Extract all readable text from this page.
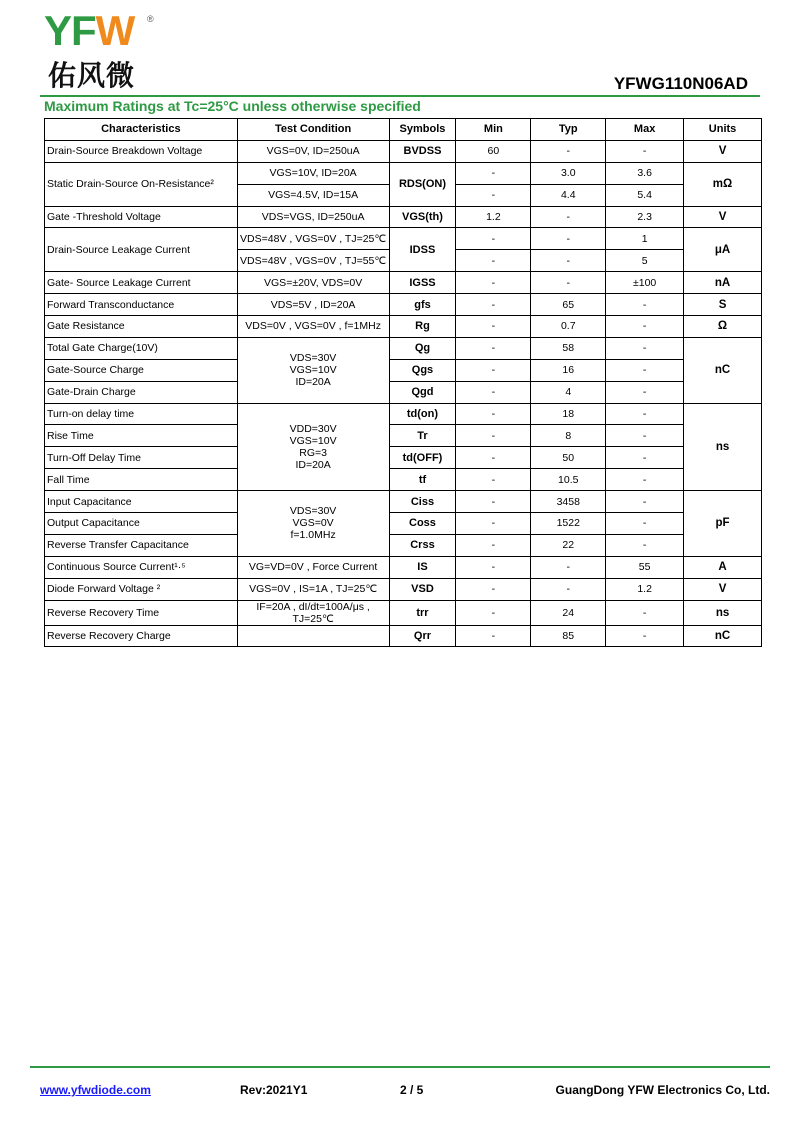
YFW ®
佑风微	YFWG110N06AD
Maximum Ratings at Tc=25°C unless otherwise specified
Characteristics	Test Condition	Symbols	Min	Typ	Max	Units
Drain-Source Breakdown Voltage	VGS=0V, ID=250uA	BVDSS	60	-	-	V
Static Drain-Source On-Resistance²	VGS=10V, ID=20A	RDS(ON)	-	3.0	3.6	mΩ
	VGS=4.5V, ID=15A		-	4.4	5.4	
Gate -Threshold Voltage	VDS=VGS, ID=250uA	VGS(th)	1.2	-	2.3	V
Drain-Source Leakage Current	VDS=48V , VGS=0V , TJ=25℃	IDSS	-	-	1	μA
	VDS=48V , VGS=0V , TJ=55℃		-	-	5	
Gate- Source Leakage Current	VGS=±20V, VDS=0V	IGSS	-	-	±100	nA
Forward Transconductance	VDS=5V , ID=20A	gfs	-	65	-	S
Gate Resistance	VDS=0V , VGS=0V , f=1MHz	Rg	-	0.7	-	Ω
Total Gate Charge(10V)	VDS=30V
VGS=10V
ID=20A	Qg	-	58	-	nC
Gate-Source Charge		Qgs	-	16	-	
Gate-Drain Charge		Qgd	-	4	-	
Turn-on delay time	VDD=30V
VGS=10V
RG=3
ID=20A	td(on)	-	18	-	ns
Rise Time		Tr	-	8	-	
Turn-Off Delay Time		td(OFF)	-	50	-	
Fall Time		tf	-	10.5	-	
Input Capacitance	VDS=30V
VGS=0V
f=1.0MHz	Ciss	-	3458	-	pF
Output Capacitance		Coss	-	1522	-	
Reverse Transfer Capacitance		Crss	-	22	-	
Continuous Source Current¹·⁵	VG=VD=0V , Force Current	IS	-	-	55	A
Diode Forward Voltage ²	VGS=0V , IS=1A , TJ=25℃	VSD	-	-	1.2	V
Reverse Recovery Time	IF=20A , dI/dt=100A/μs ,
TJ=25℃	trr	-	24	-	ns
Reverse Recovery Charge		Qrr	-	85	-	nC
www.yfwdiode.com	Rev:2021Y1	2 / 5	GuangDong YFW Electronics Co, Ltd.
